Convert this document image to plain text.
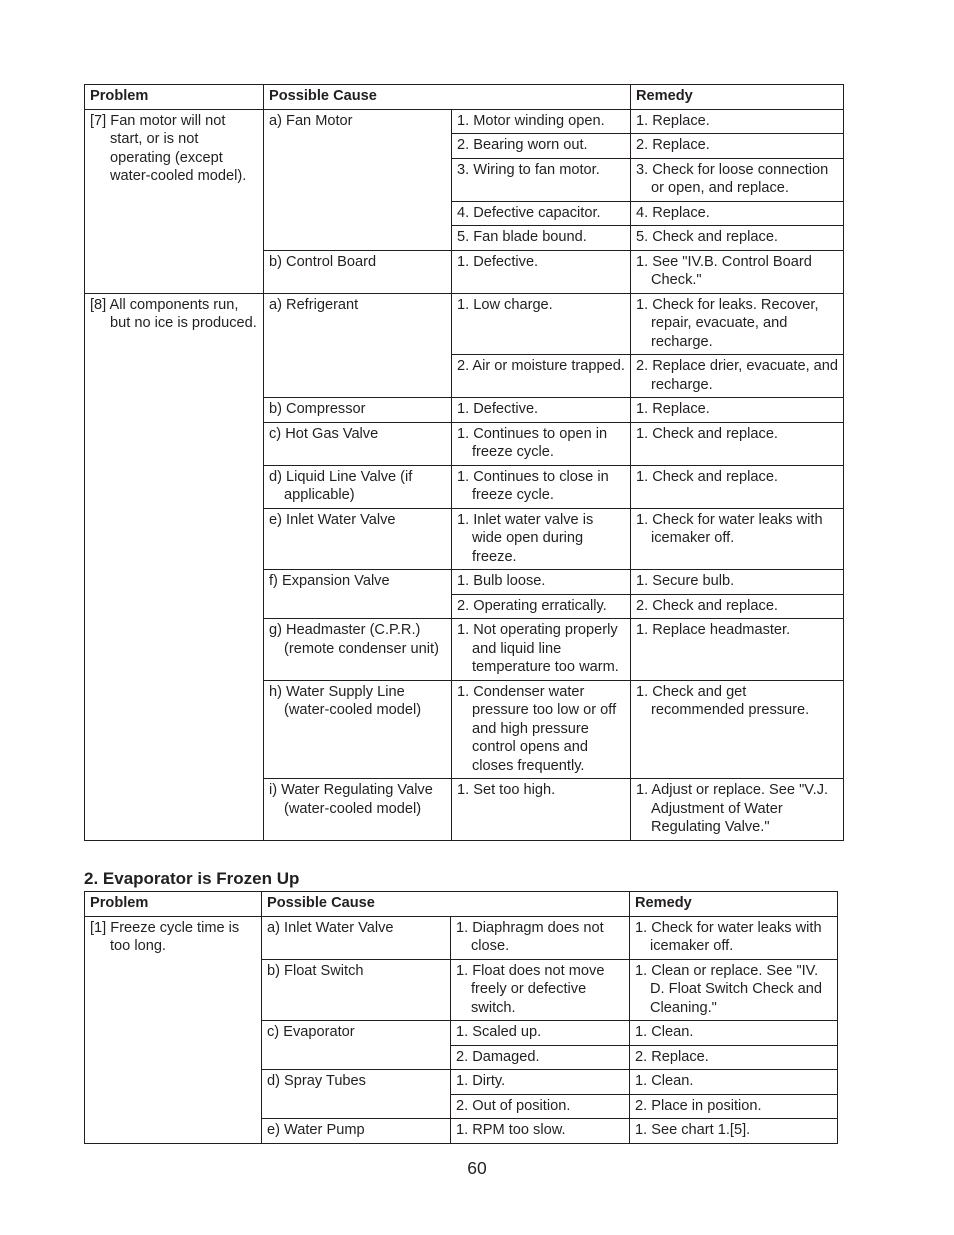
Problem	Possible Cause		Remedy

[7] Fan motor will not start, or is not operating (except water-cooled model).	a) Fan Motor	1. Motor winding open.	1. Replace.

		2. Bearing worn out.	2. Replace.

		3. Wiring to fan motor.	3. Check for loose connection or open, and replace.

		4. Defective capacitor.	4. Replace.

		5. Fan blade bound.	5. Check and replace.

	b) Control Board	1. Defective.	1. See "IV.B. Control Board Check."

[8] All components run, but no ice is produced.	a) Refrigerant	1. Low charge.	1. Check for leaks. Recover, repair, evacuate, and recharge.

		2. Air or moisture trapped.	2. Replace drier, evacuate, and recharge.

	b) Compressor	1. Defective.	1. Replace.

	c) Hot Gas Valve	1. Continues to open in freeze cycle.	1. Check and replace.

	d) Liquid Line Valve (if applicable)	1. Continues to close in freeze cycle.	1. Check and replace.

	e) Inlet Water Valve	1. Inlet water valve is wide open during freeze.	1. Check for water leaks with icemaker off.

	f) Expansion Valve	1. Bulb loose.	1. Secure bulb.

		2. Operating erratically.	2. Check and replace.

	g) Headmaster (C.P.R.) (remote condenser unit)	1. Not operating properly and liquid line temperature too warm.	1. Replace headmaster.

	h) Water Supply Line (water-cooled model)	1. Condenser water pressure too low or off and high pressure control opens and closes frequently.	1. Check and get recommended pressure.

	i) Water Regulating Valve (water-cooled model)	1. Set too high.	1. Adjust or replace. See "V.J. Adjustment of Water Regulating Valve."
2. Evaporator is Frozen Up
Problem	Possible Cause		Remedy

[1] Freeze cycle time is too long.	a) Inlet Water Valve	1. Diaphragm does not close.	1. Check for water leaks with icemaker off.

	b) Float Switch	1. Float does not move freely or defective switch.	1. Clean or replace. See "IV. D. Float Switch Check and Cleaning."

	c) Evaporator	1. Scaled up.	1. Clean.

		2. Damaged.	2. Replace.

	d) Spray Tubes	1. Dirty.	1. Clean.

		2. Out of position.	2. Place in position.

	e) Water Pump	1. RPM too slow.	1. See chart 1.[5].
60
